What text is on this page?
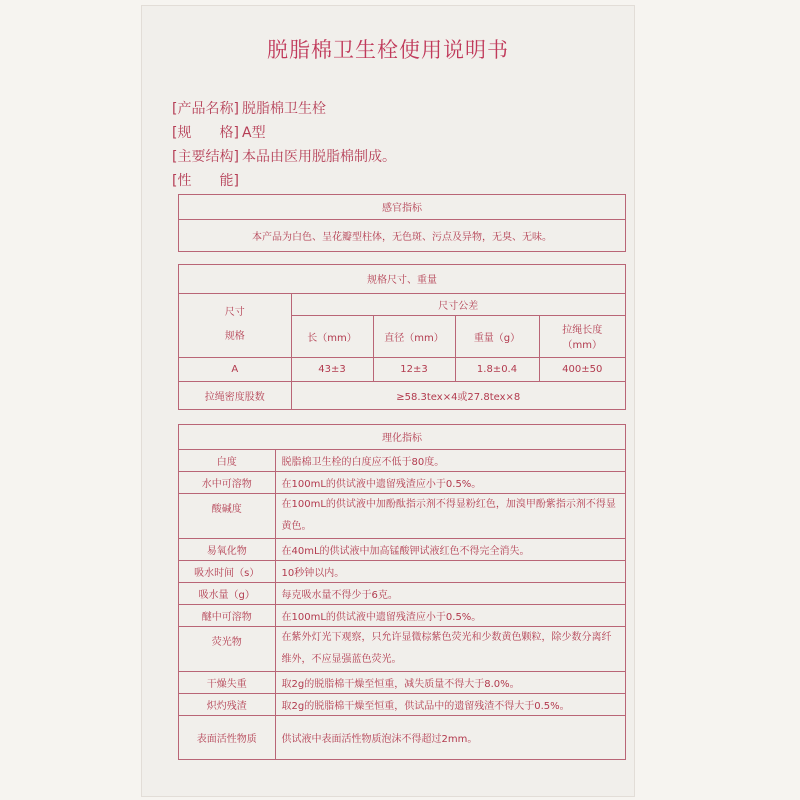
脱脂棉卫生栓使用说明书
[产品名称] 脱脂棉卫生栓
[规　　格] A型
[主要结构] 本品由医用脱脂棉制成。
[性　　能]
感官指标
本产品为白色、呈花瓣型柱体，无色斑、污点及异物，无臭、无味。
规格尺寸、重量				

尺寸
规格	尺寸公差			
	长（mm）	直径（mm）	重量（g）	拉绳长度（mm）
A	43±3	12±3	1.8±0.4	400±50
拉绳密度股数	≥58.3tex×4或27.8tex×8			
理化指标	
白度	脱脂棉卫生栓的白度应不低于80度。
水中可溶物	在100mL的供试液中遗留残渣应小于0.5%。
酸碱度	在100mL的供试液中加酚酞指示剂不得显粉红色，加溴甲酚紫指示剂不得显黄色。
易氧化物	在40mL的供试液中加高锰酸钾试液红色不得完全消失。
吸水时间（s）	10秒钟以内。
吸水量（g）	每克吸水量不得少于6克。
醚中可溶物	在100mL的供试液中遗留残渣应小于0.5%。
荧光物	在紫外灯光下观察，只允许显微棕紫色荧光和少数黄色颗粒，除少数分离纤维外，不应显强蓝色荧光。
干燥失重	取2g的脱脂棉干燥至恒重，减失质量不得大于8.0%。
炽灼残渣	取2g的脱脂棉干燥至恒重，供试品中的遗留残渣不得大于0.5%。
表面活性物质	供试液中表面活性物质泡沫不得超过2mm。
